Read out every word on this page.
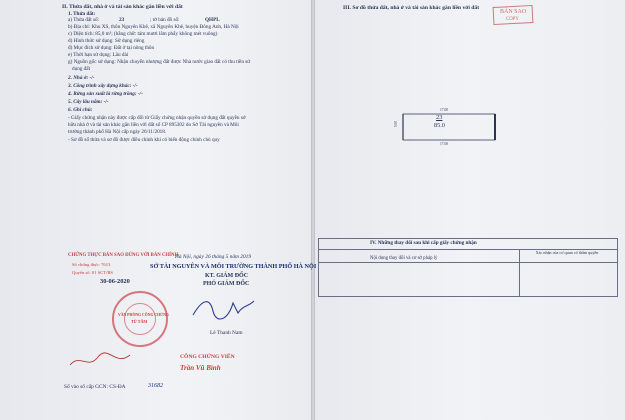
II. Thửa đất, nhà ở và tài sản khác gắn liền với đất
1. Thửa đất:
a) Thửa đất số:	23	; tờ bản đồ số:	QHPL
b) Địa chỉ: Khu XS, thôn Nguyên Khê, xã Nguyên Khê, huyện Đông Anh, Hà Nội
c) Diện tích: 85,0 m²; (bằng chữ: tám mươi lăm phẩy không mét vuông)
d) Hình thức sử dụng: Sử dụng riêng
đ) Mục đích sử dụng: Đất ở tại nông thôn
e) Thời hạn sử dụng: Lâu dài
g) Nguồn gốc sử dụng: Nhận chuyển nhượng đất được Nhà nước giao đất có thu tiền sử
dụng đất
2. Nhà ở: -/-
3. Công trình xây dựng khác: -/-
4. Rừng sản xuất là rừng trồng: -/-
5. Cây lâu năm: -/-
6. Ghi chú:
- Giấy chứng nhận này được cấp đổi từ Giấy chứng nhận quyền sử dụng đất quyền sở
hữu nhà ở và tài sản khác gắn liền với đất số CP 895302 do Sở Tài nguyên và Môi
trường thành phố Hà Nội cấp ngày 26/11/2018.
- Sơ đồ số thửa và sơ đồ được điều chỉnh khi có biến động chính chủ quy
CHỨNG THỰC BẢN SAO ĐÚNG VỚI BẢN CHÍNH
Số chứng thực: 7613
Quyển số: 01 SCT/BS
30-06-2020
Hà Nội, ngày 26 tháng 5 năm 2019
SỞ TÀI NGUYÊN VÀ MÔI TRƯỜNG THÀNH PHỐ HÀ NỘI
KT. GIÁM ĐỐC
PHÓ GIÁM ĐỐC
Lê Thanh Nam
VĂN PHÒNG CÔNG CHỨNG
TỪ TÂM
CÔNG CHỨNG VIÊN
Trần Vũ Bình
Số vào sổ cấp GCN: CS-ĐA	31682
III. Sơ đồ thửa đất, nhà ở và tài sản khác gắn liền với đất
BẢN SAO
COPY
17.00
17.00
5.00
23
85.0
IV. Những thay đổi sau khi cấp giấy chứng nhận
Nội dung thay đổi và cơ sở pháp lý
Xác nhận của cơ quan có thẩm quyền
